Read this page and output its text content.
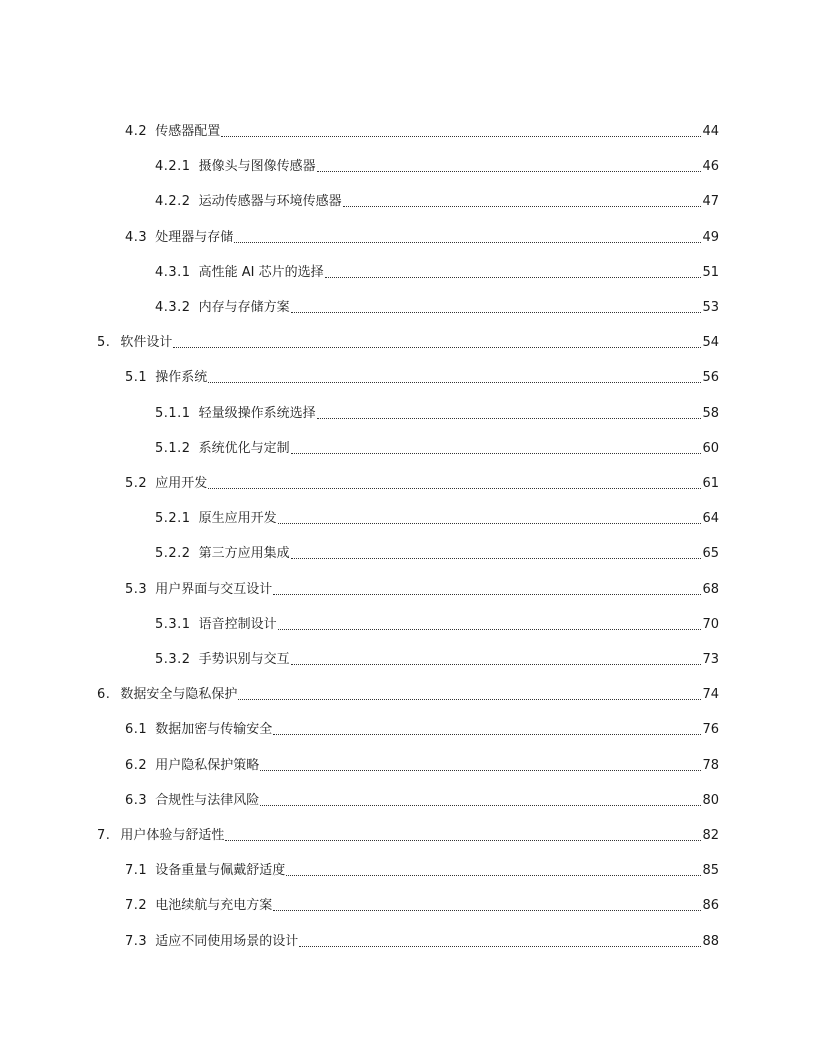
4.2 传感器配置	44
4.2.1 摄像头与图像传感器	46
4.2.2 运动传感器与环境传感器	47
4.3 处理器与存储	49
4.3.1 高性能 AI 芯片的选择	51
4.3.2 内存与存储方案	53
5. 软件设计	54
5.1 操作系统	56
5.1.1 轻量级操作系统选择	58
5.1.2 系统优化与定制	60
5.2 应用开发	61
5.2.1 原生应用开发	64
5.2.2 第三方应用集成	65
5.3 用户界面与交互设计	68
5.3.1 语音控制设计	70
5.3.2 手势识别与交互	73
6. 数据安全与隐私保护	74
6.1 数据加密与传输安全	76
6.2 用户隐私保护策略	78
6.3 合规性与法律风险	80
7. 用户体验与舒适性	82
7.1 设备重量与佩戴舒适度	85
7.2 电池续航与充电方案	86
7.3 适应不同使用场景的设计	88
